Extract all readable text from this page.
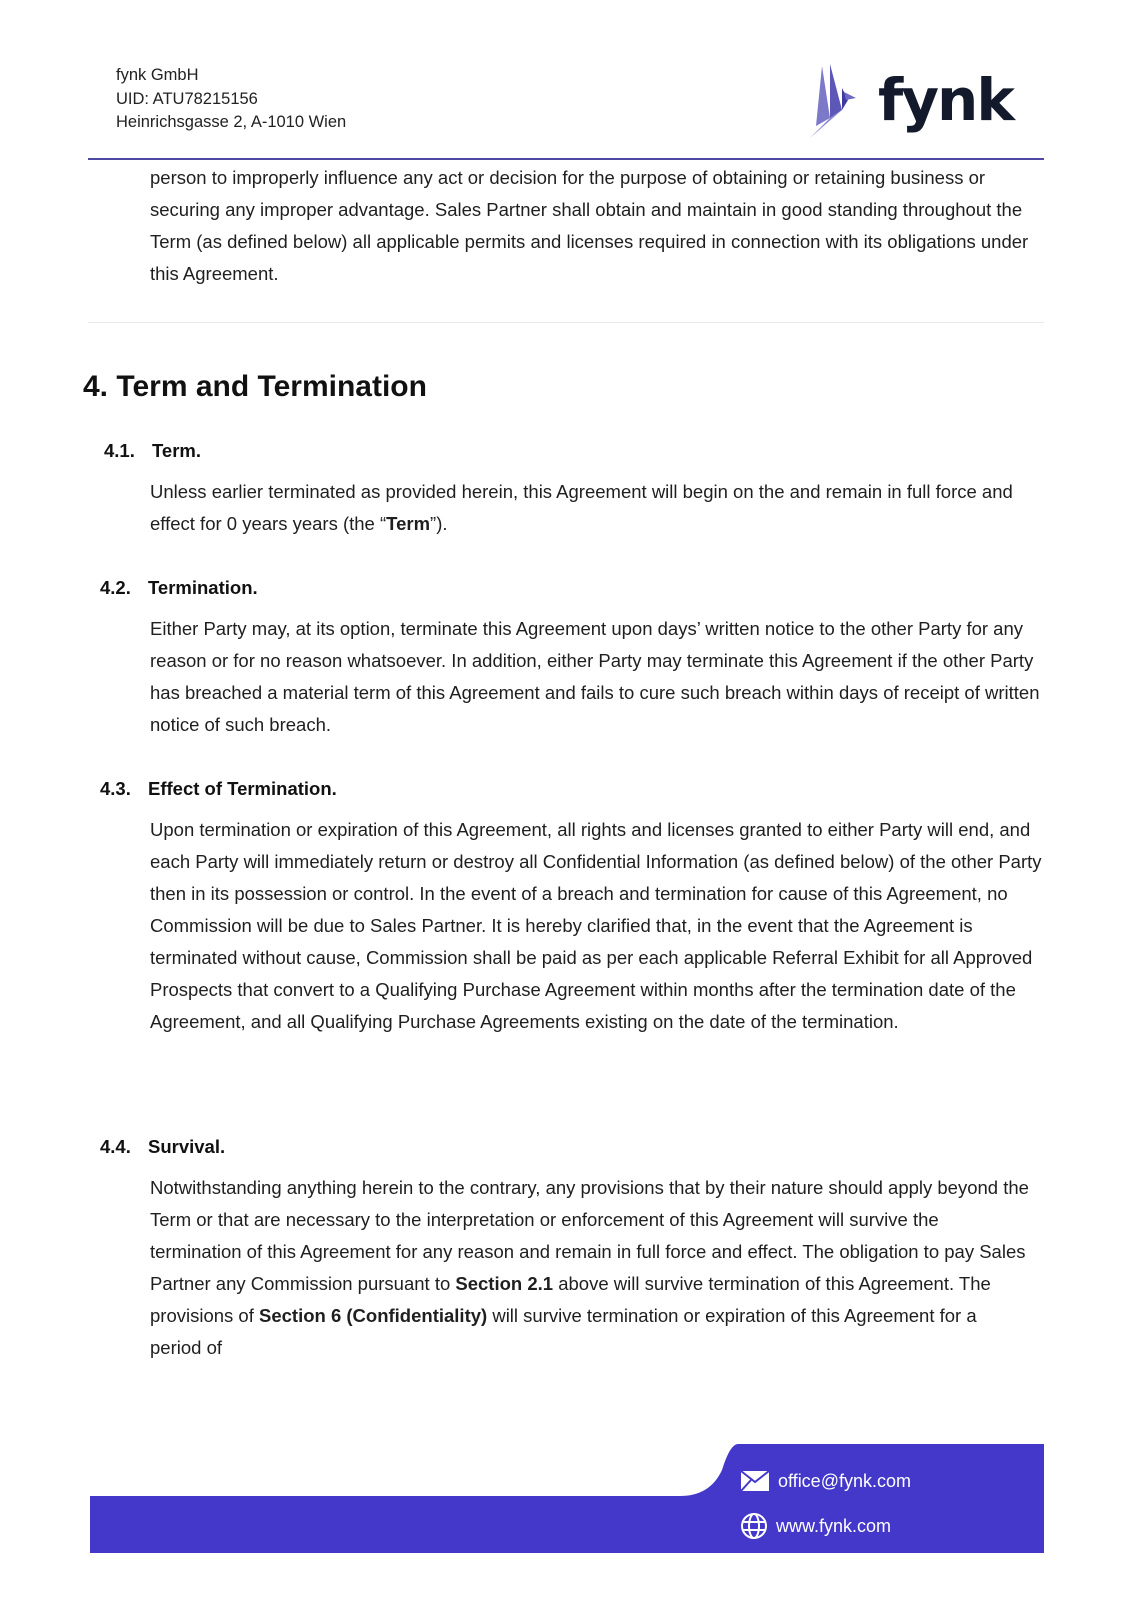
fynk GmbH
UID: ATU78215156
Heinrichsgasse 2, A-1010 Wien	fynk
person to improperly influence any act or decision for the purpose of obtaining or retaining business or securing any improper advantage. Sales Partner shall obtain and maintain in good standing throughout the Term (as defined below) all applicable permits and licenses required in connection with its obligations under this Agreement.
4. Term and Termination
4.1. Term.
Unless earlier terminated as provided herein, this Agreement will begin on the and remain in full force and effect for 0 years years (the “Term”).
4.2. Termination.
Either Party may, at its option, terminate this Agreement upon days’ written notice to the other Party for any reason or for no reason whatsoever. In addition, either Party may terminate this Agreement if the other Party has breached a material term of this Agreement and fails to cure such breach within days of receipt of written notice of such breach.
4.3. Effect of Termination.
Upon termination or expiration of this Agreement, all rights and licenses granted to either Party will end, and each Party will immediately return or destroy all Confidential Information (as defined below) of the other Party then in its possession or control. In the event of a breach and termination for cause of this Agreement, no Commission will be due to Sales Partner. It is hereby clarified that, in the event that the Agreement is terminated without cause, Commission shall be paid as per each applicable Referral Exhibit for all Approved Prospects that convert to a Qualifying Purchase Agreement within months after the termination date of the Agreement, and all Qualifying Purchase Agreements existing on the date of the termination.
4.4. Survival.
Notwithstanding anything herein to the contrary, any provisions that by their nature should apply beyond the Term or that are necessary to the interpretation or enforcement of this Agreement will survive the termination of this Agreement for any reason and remain in full force and effect. The obligation to pay Sales Partner any Commission pursuant to Section 2.1 above will survive termination of this Agreement. The provisions of Section 6 (Confidentiality) will survive termination or expiration of this Agreement for a period of
office@fynk.com
www.fynk.com
